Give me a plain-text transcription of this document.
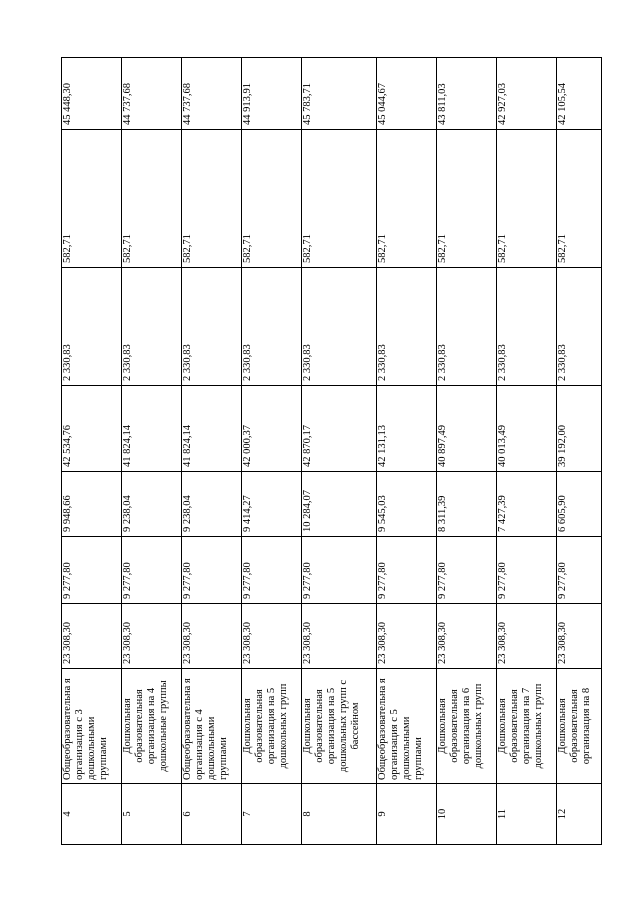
4	Общеобразовательна я организация с 3 дошкольными группами	23 308,30	9 277,80	9 948,66	42 534,76	2 330,83	582,71	45 448,30
5	Дошкольная образовательная организация на 4 дошкольные группы	23 308,30	9 277,80	9 238,04	41 824,14	2 330,83	582,71	44 737,68
6	Общеобразовательна я организация с 4 дошкольными группами	23 308,30	9 277,80	9 238,04	41 824,14	2 330,83	582,71	44 737,68
7	Дошкольная образовательная организация на 5 дошкольных групп	23 308,30	9 277,80	9 414,27	42 000,37	2 330,83	582,71	44 913,91
8	Дошкольная образовательная организация на 5 дошкольных групп с бассейном	23 308,30	9 277,80	10 284,07	42 870,17	2 330,83	582,71	45 783,71
9	Общеобразовательна я организация с 5 дошкольными группами	23 308,30	9 277,80	9 545,03	42 131,13	2 330,83	582,71	45 044,67
10	Дошкольная образовательная организация на 6 дошкольных групп	23 308,30	9 277,80	8 311,39	40 897,49	2 330,83	582,71	43 811,03
11	Дошкольная образовательная организация на 7 дошкольных групп	23 308,30	9 277,80	7 427,39	40 013,49	2 330,83	582,71	42 927,03
12	Дошкольная образовательная организация на 8	23 308,30	9 277,80	6 605,90	39 192,00	2 330,83	582,71	42 105,54
